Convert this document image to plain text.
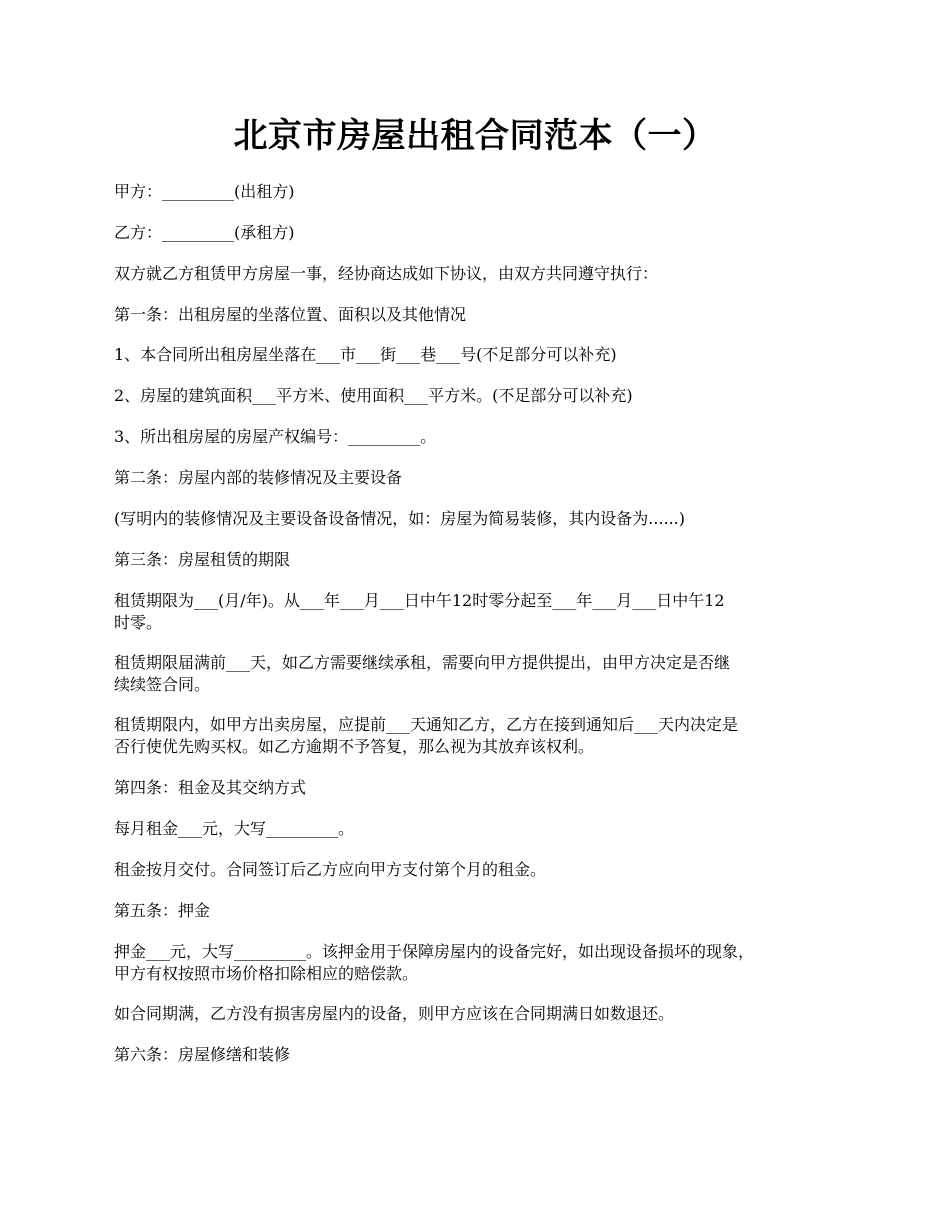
北京市房屋出租合同范本（一）

甲方：_________(出租方)

乙方：_________(承租方)

双方就乙方租赁甲方房屋一事，经协商达成如下协议，由双方共同遵守执行：

第一条：出租房屋的坐落位置、面积以及其他情况

1、本合同所出租房屋坐落在___市___街___巷___号(不足部分可以补充)

2、房屋的建筑面积___平方米、使用面积___平方米。(不足部分可以补充)

3、所出租房屋的房屋产权编号：_________。

第二条：房屋内部的装修情况及主要设备

(写明内的装修情况及主要设备设备情况，如：房屋为简易装修，其内设备为......)

第三条：房屋租赁的期限

租赁期限为___(月/年)。从___年___月___日中午12时零分起至___年___月___日中午12
时零。

租赁期限届满前___天，如乙方需要继续承租，需要向甲方提供提出，由甲方决定是否继
续续签合同。

租赁期限内，如甲方出卖房屋，应提前___天通知乙方，乙方在接到通知后___天内决定是
否行使优先购买权。如乙方逾期不予答复，那么视为其放弃该权利。

第四条：租金及其交纳方式

每月租金___元，大写_________。

租金按月交付。合同签订后乙方应向甲方支付第个月的租金。

第五条：押金

押金___元，大写_________。该押金用于保障房屋内的设备完好，如出现设备损坏的现象，
甲方有权按照市场价格扣除相应的赔偿款。

如合同期满，乙方没有损害房屋内的设备，则甲方应该在合同期满日如数退还。

第六条：房屋修缮和装修
